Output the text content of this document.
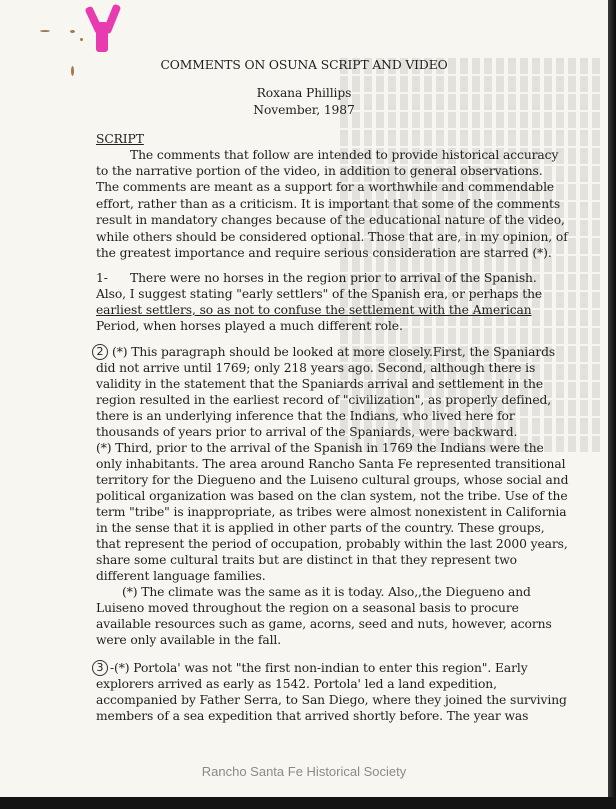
COMMENTS ON OSUNA SCRIPT AND VIDEO
Roxana Phillips
November, 1987
SCRIPT
The comments that follow are intended to provide historical accuracy
to the narrative portion of the video, in addition to general observations.
The comments are meant as a support for a worthwhile and commendable
effort, rather than as a criticism. It is important that some of the comments
result in mandatory changes because of the educational nature of the video,
while others should be considered optional. Those that are, in my opinion, of
the greatest importance and require serious consideration are starred (*).
1- There were no horses in the region prior to arrival of the Spanish.
Also, I suggest stating "early settlers" of the Spanish era, or perhaps the
earliest settlers, so as not to confuse the settlement with the American
Period, when horses played a much different role.
2 (*) This paragraph should be looked at more closely.First, the Spaniards
did not arrive until 1769; only 218 years ago. Second, although there is
validity in the statement that the Spaniards arrival and settlement in the
region resulted in the earliest record of "civilization", as properly defined,
there is an underlying inference that the Indians, who lived here for
thousands of years prior to arrival of the Spaniards, were backward.
(*) Third, prior to the arrival of the Spanish in 1769 the Indians were the
only inhabitants. The area around Rancho Santa Fe represented transitional
territory for the Diegueno and the Luiseno cultural groups, whose social and
political organization was based on the clan system, not the tribe. Use of the
term "tribe" is inappropriate, as tribes were almost nonexistent in California
in the sense that it is applied in other parts of the country. These groups,
that represent the period of occupation, probably within the last 2000 years,
share some cultural traits but are distinct in that they represent two
different language families.
(*) The climate was the same as it is today. Also,,the Diegueno and
Luiseno moved throughout the region on a seasonal basis to procure
available resources such as game, acorns, seed and nuts, however, acorns
were only available in the fall.
3 -(*) Portola' was not "the first non-indian to enter this region". Early
explorers arrived as early as 1542. Portola' led a land expedition,
accompanied by Father Serra, to San Diego, where they joined the surviving
members of a sea expedition that arrived shortly before. The year was
Rancho Santa Fe Historical Society
